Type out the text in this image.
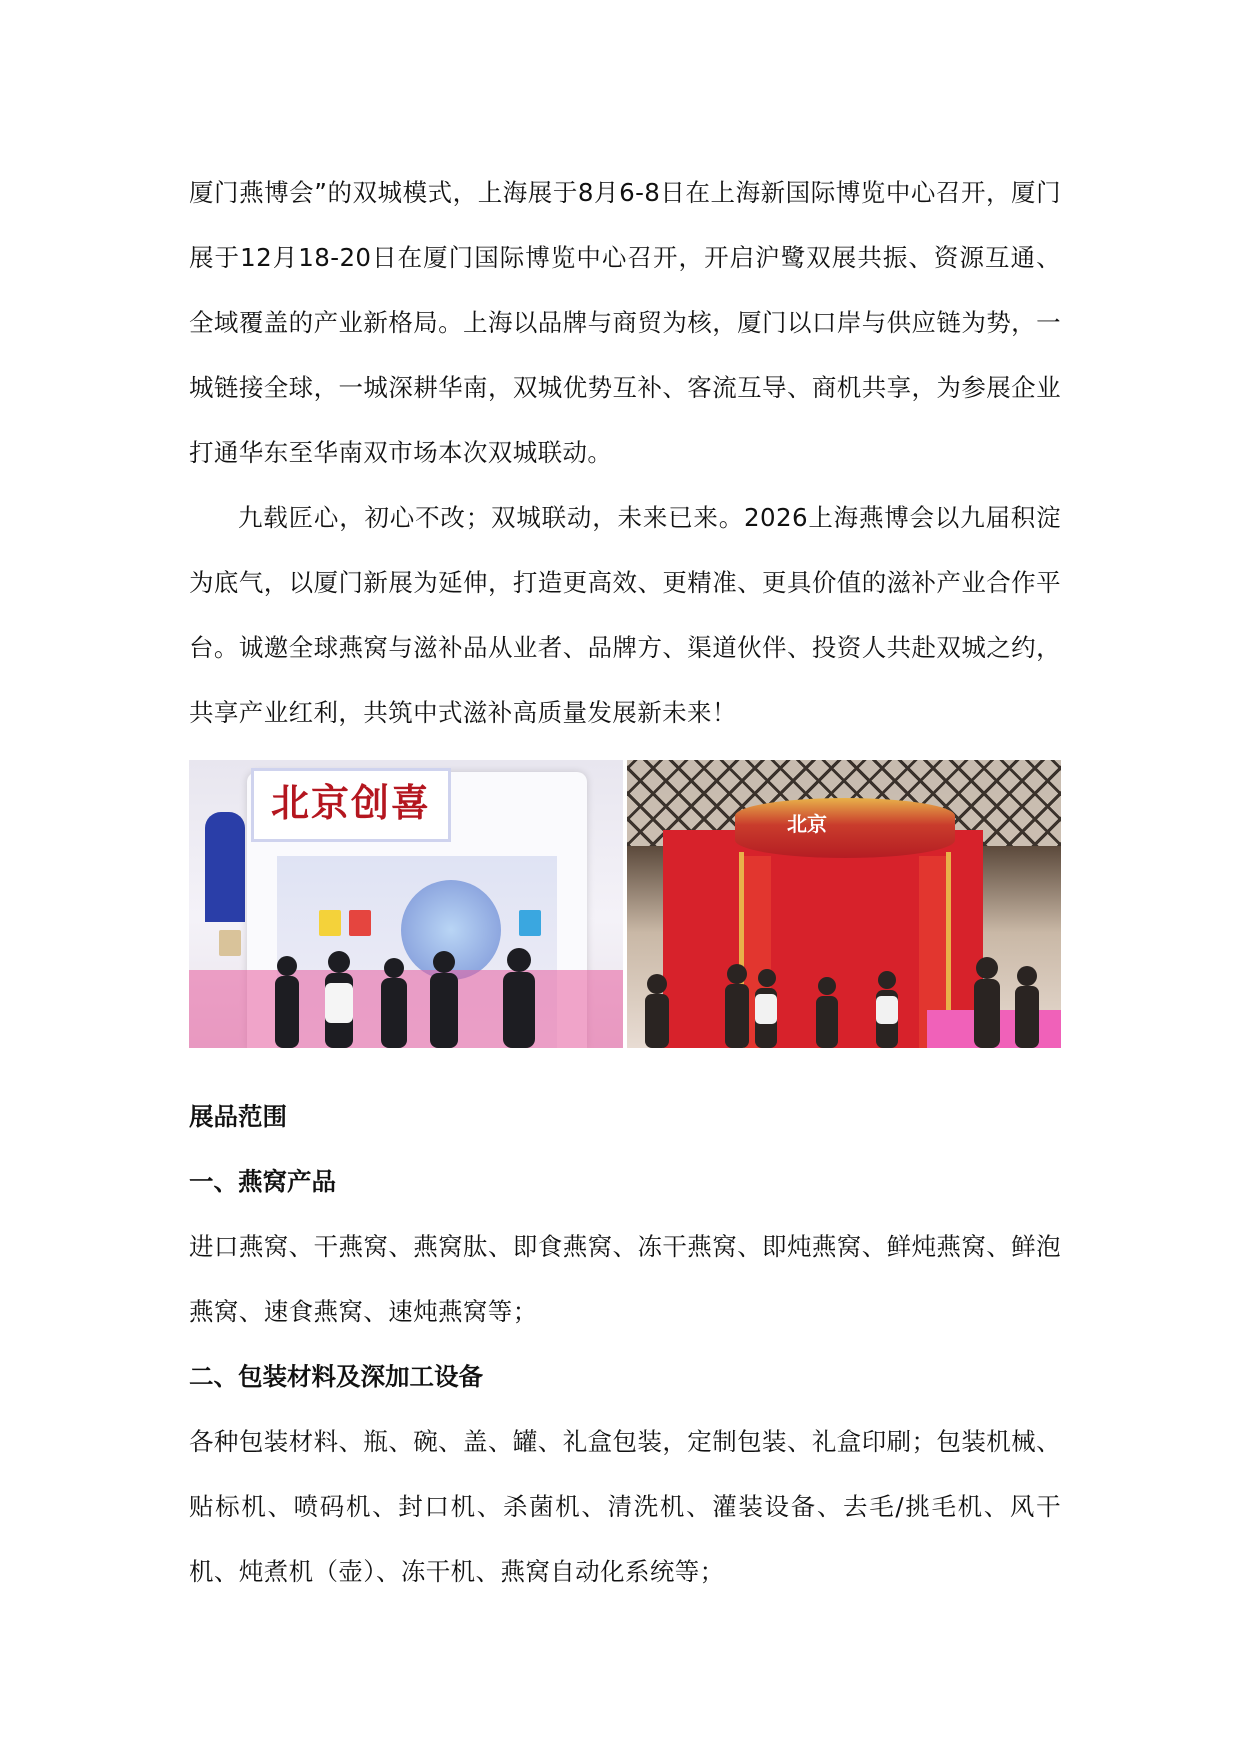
厦门燕博会”的双城模式，上海展于8月6-8日在上海新国际博览中心召开，厦门展于12月18-20日在厦门国际博览中心召开，开启沪鹭双展共振、资源互通、全域覆盖的产业新格局。上海以品牌与商贸为核，厦门以口岸与供应链为势，一城链接全球，一城深耕华南，双城优势互补、客流互导、商机共享，为参展企业打通华东至华南双市场本次双城联动。

九载匠心，初心不改；双城联动，未来已来。2026上海燕博会以九届积淀为底气，以厦门新展为延伸，打造更高效、更精准、更具价值的滋补产业合作平台。诚邀全球燕窝与滋补品从业者、品牌方、渠道伙伴、投资人共赴双城之约，共享产业红利，共筑中式滋补高质量发展新未来！

北京创喜	北京

展品范围

一、燕窝产品

进口燕窝、干燕窝、燕窝肽、即食燕窝、冻干燕窝、即炖燕窝、鲜炖燕窝、鲜泡燕窝、速食燕窝、速炖燕窝等；

二、包装材料及深加工设备

各种包装材料、瓶、碗、盖、罐、礼盒包装，定制包装、礼盒印刷；包装机械、贴标机、喷码机、封口机、杀菌机、清洗机、灌装设备、去毛/挑毛机、风干机、炖煮机（壶）、冻干机、燕窝自动化系统等；
